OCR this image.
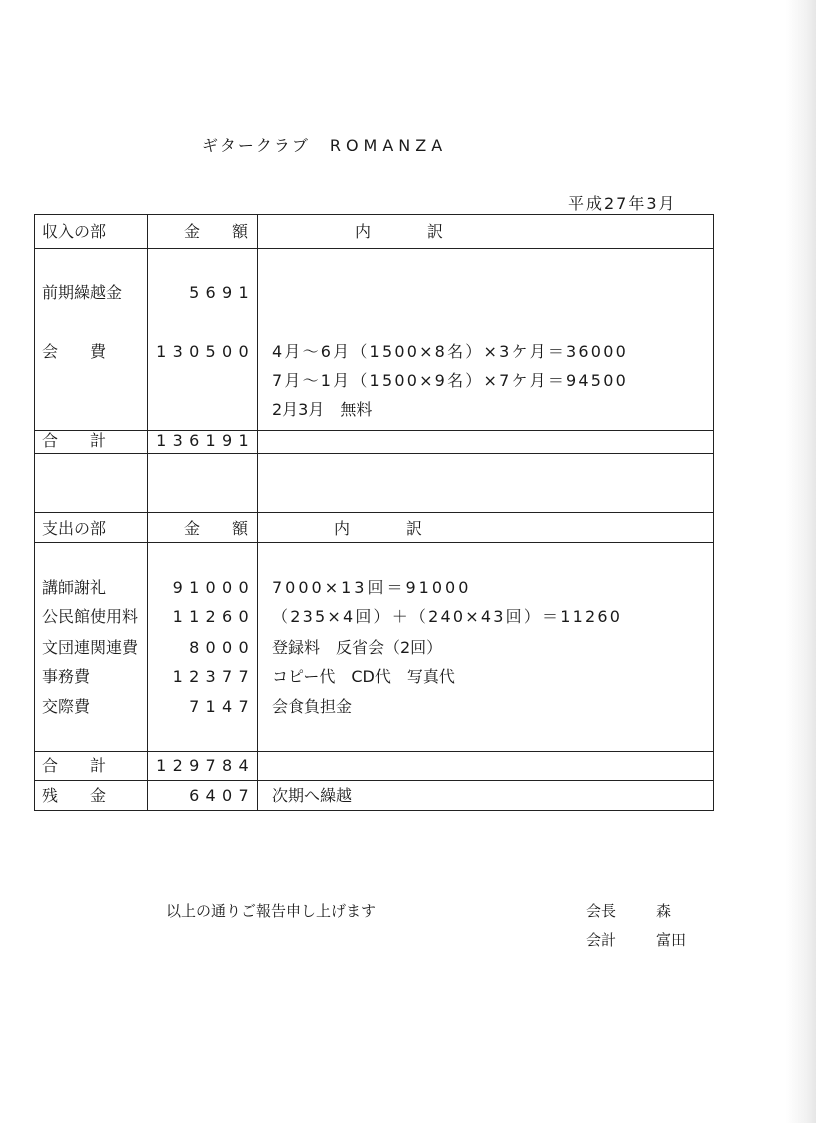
ギタークラブ ROMANZA
平成27年3月
収入の部	金　額	内　　訳
前期繰越金	5691
会　　費	130500 4月～6月（1500×8名）×3ケ月＝36000
7月～1月（1500×9名）×7ケ月＝94500
2月3月　無料
合　　計	136191
支出の部	金　額	内　　訳
講師謝礼	91000 7000×13回＝91000
公民館使用料 11260 （235×4回）＋（240×43回）＝11260
文団連関連費	8000 登録料　反省会（2回）
事務費	12377 コピー代　CD代　写真代
交際費	7147 会食負担金
合　　計	129784
残　　金	6407 次期へ繰越
以上の通りご報告申し上げます	会長	森
会計	富田
